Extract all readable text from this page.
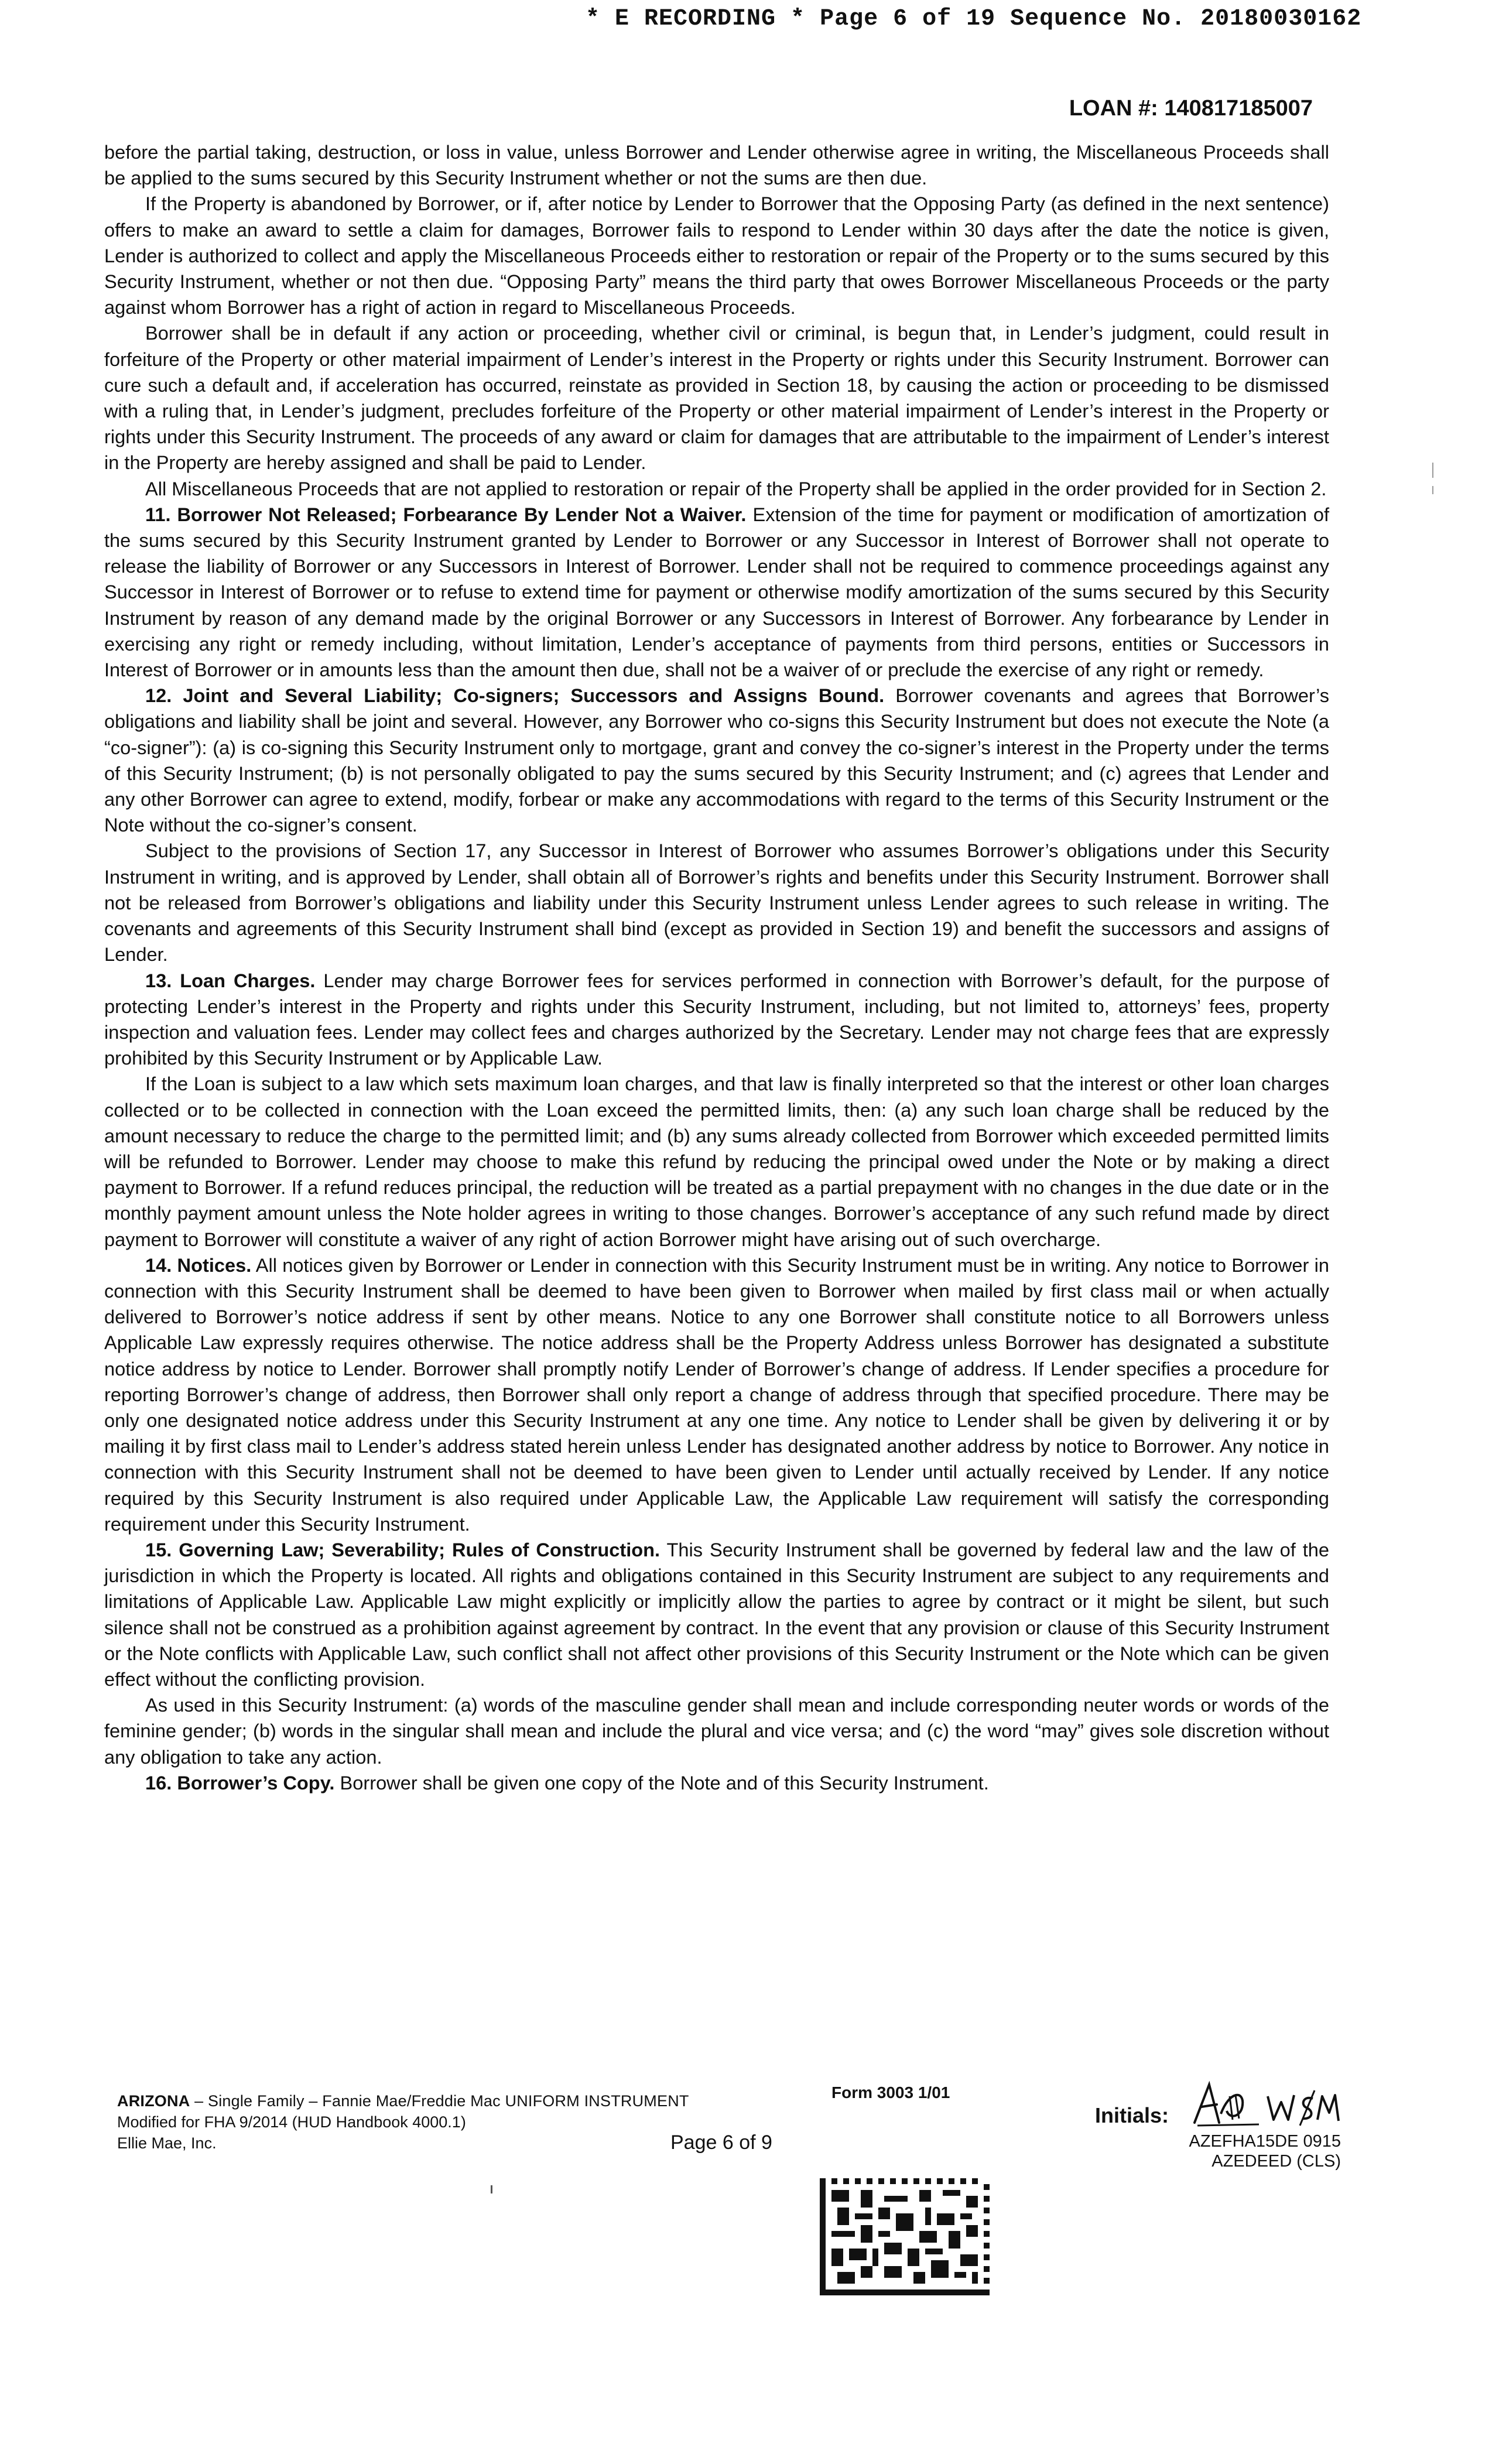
* E RECORDING * Page 6 of 19 Sequence No. 20180030162
LOAN #: 140817185007

before the partial taking, destruction, or loss in value, unless Borrower and Lender otherwise agree in writing, the Miscellaneous Proceeds shall be applied to the sums secured by this Security Instrument whether or not the sums are then due.

If the Property is abandoned by Borrower, or if, after notice by Lender to Borrower that the Opposing Party (as defined in the next sentence) offers to make an award to settle a claim for damages, Borrower fails to respond to Lender within 30 days after the date the notice is given, Lender is authorized to collect and apply the Miscellaneous Proceeds either to restoration or repair of the Property or to the sums secured by this Security Instrument, whether or not then due. “Opposing Party” means the third party that owes Borrower Miscellaneous Proceeds or the party against whom Borrower has a right of action in regard to Miscellaneous Proceeds.

Borrower shall be in default if any action or proceeding, whether civil or criminal, is begun that, in Lender’s judgment, could result in forfeiture of the Property or other material impairment of Lender’s interest in the Property or rights under this Security Instrument. Borrower can cure such a default and, if acceleration has occurred, reinstate as provided in Section 18, by causing the action or proceeding to be dismissed with a ruling that, in Lender’s judgment, precludes forfeiture of the Property or other material impairment of Lender’s interest in the Property or rights under this Security Instrument. The proceeds of any award or claim for damages that are attributable to the impairment of Lender’s interest in the Property are hereby assigned and shall be paid to Lender.

All Miscellaneous Proceeds that are not applied to restoration or repair of the Property shall be applied in the order provided for in Section 2.

11. Borrower Not Released; Forbearance By Lender Not a Waiver. Extension of the time for payment or modification of amortization of the sums secured by this Security Instrument granted by Lender to Borrower or any Successor in Interest of Borrower shall not operate to release the liability of Borrower or any Successors in Interest of Borrower. Lender shall not be required to commence proceedings against any Successor in Interest of Borrower or to refuse to extend time for payment or otherwise modify amortization of the sums secured by this Security Instrument by reason of any demand made by the original Borrower or any Successors in Interest of Borrower. Any forbearance by Lender in exercising any right or remedy including, without limitation, Lender’s acceptance of payments from third persons, entities or Successors in Interest of Borrower or in amounts less than the amount then due, shall not be a waiver of or preclude the exercise of any right or remedy.

12. Joint and Several Liability; Co-signers; Successors and Assigns Bound. Borrower covenants and agrees that Borrower’s obligations and liability shall be joint and several. However, any Borrower who co-signs this Security Instrument but does not execute the Note (a “co-signer”): (a) is co-signing this Security Instrument only to mortgage, grant and convey the co-signer’s interest in the Property under the terms of this Security Instrument; (b) is not personally obligated to pay the sums secured by this Security Instrument; and (c) agrees that Lender and any other Borrower can agree to extend, modify, forbear or make any accommodations with regard to the terms of this Security Instrument or the Note without the co-signer’s consent.

Subject to the provisions of Section 17, any Successor in Interest of Borrower who assumes Borrower’s obligations under this Security Instrument in writing, and is approved by Lender, shall obtain all of Borrower’s rights and benefits under this Security Instrument. Borrower shall not be released from Borrower’s obligations and liability under this Security Instrument unless Lender agrees to such release in writing. The covenants and agreements of this Security Instrument shall bind (except as provided in Section 19) and benefit the successors and assigns of Lender.

13. Loan Charges. Lender may charge Borrower fees for services performed in connection with Borrower’s default, for the purpose of protecting Lender’s interest in the Property and rights under this Security Instrument, including, but not limited to, attorneys’ fees, property inspection and valuation fees. Lender may collect fees and charges authorized by the Secretary. Lender may not charge fees that are expressly prohibited by this Security Instrument or by Applicable Law.

If the Loan is subject to a law which sets maximum loan charges, and that law is finally interpreted so that the interest or other loan charges collected or to be collected in connection with the Loan exceed the permitted limits, then: (a) any such loan charge shall be reduced by the amount necessary to reduce the charge to the permitted limit; and (b) any sums already collected from Borrower which exceeded permitted limits will be refunded to Borrower. Lender may choose to make this refund by reducing the principal owed under the Note or by making a direct payment to Borrower. If a refund reduces principal, the reduction will be treated as a partial prepayment with no changes in the due date or in the monthly payment amount unless the Note holder agrees in writing to those changes. Borrower’s acceptance of any such refund made by direct payment to Borrower will constitute a waiver of any right of action Borrower might have arising out of such overcharge.

14. Notices. All notices given by Borrower or Lender in connection with this Security Instrument must be in writing. Any notice to Borrower in connection with this Security Instrument shall be deemed to have been given to Borrower when mailed by first class mail or when actually delivered to Borrower’s notice address if sent by other means. Notice to any one Borrower shall constitute notice to all Borrowers unless Applicable Law expressly requires otherwise. The notice address shall be the Property Address unless Borrower has designated a substitute notice address by notice to Lender. Borrower shall promptly notify Lender of Borrower’s change of address. If Lender specifies a procedure for reporting Borrower’s change of address, then Borrower shall only report a change of address through that specified procedure. There may be only one designated notice address under this Security Instrument at any one time. Any notice to Lender shall be given by delivering it or by mailing it by first class mail to Lender’s address stated herein unless Lender has designated another address by notice to Borrower. Any notice in connection with this Security Instrument shall not be deemed to have been given to Lender until actually received by Lender. If any notice required by this Security Instrument is also required under Applicable Law, the Applicable Law requirement will satisfy the corresponding requirement under this Security Instrument.

15. Governing Law; Severability; Rules of Construction. This Security Instrument shall be governed by federal law and the law of the jurisdiction in which the Property is located. All rights and obligations contained in this Security Instrument are subject to any requirements and limitations of Applicable Law. Applicable Law might explicitly or implicitly allow the parties to agree by contract or it might be silent, but such silence shall not be construed as a prohibition against agreement by contract. In the event that any provision or clause of this Security Instrument or the Note conflicts with Applicable Law, such conflict shall not affect other provisions of this Security Instrument or the Note which can be given effect without the conflicting provision.

As used in this Security Instrument: (a) words of the masculine gender shall mean and include corresponding neuter words or words of the feminine gender; (b) words in the singular shall mean and include the plural and vice versa; and (c) the word “may” gives sole discretion without any obligation to take any action.

16. Borrower’s Copy. Borrower shall be given one copy of the Note and of this Security Instrument.

ARIZONA – Single Family – Fannie Mae/Freddie Mac UNIFORM INSTRUMENT
Modified for FHA 9/2014 (HUD Handbook 4000.1)
Ellie Mae, Inc.
Form 3003 1/01
Page 6 of 9
Initials:
AZEFHA15DE 0915
AZEDEED (CLS)
